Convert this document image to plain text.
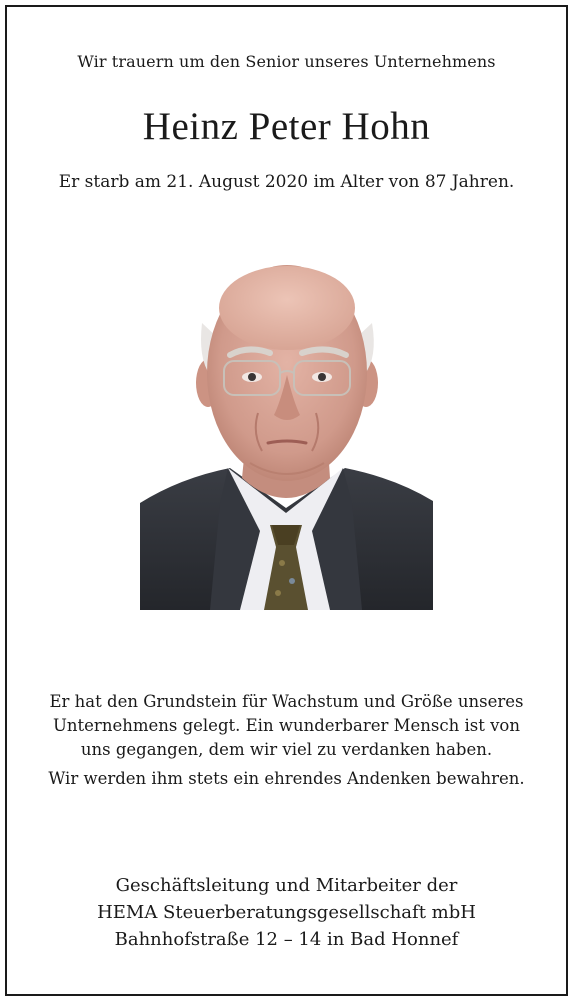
Wir trauern um den Senior unseres Unternehmens
Heinz Peter Hohn
Er starb am 21. August 2020 im Alter von 87 Jahren.

Er hat den Grundstein für Wachstum und Größe unseres Unternehmens gelegt. Ein wunderbarer Mensch ist von uns gegangen, dem wir viel zu verdanken haben.

Wir werden ihm stets ein ehrendes Andenken bewahren.

Geschäftsleitung und Mitarbeiter der
HEMA Steuerberatungsgesellschaft mbH
Bahnhofstraße 12 – 14 in Bad Honnef
